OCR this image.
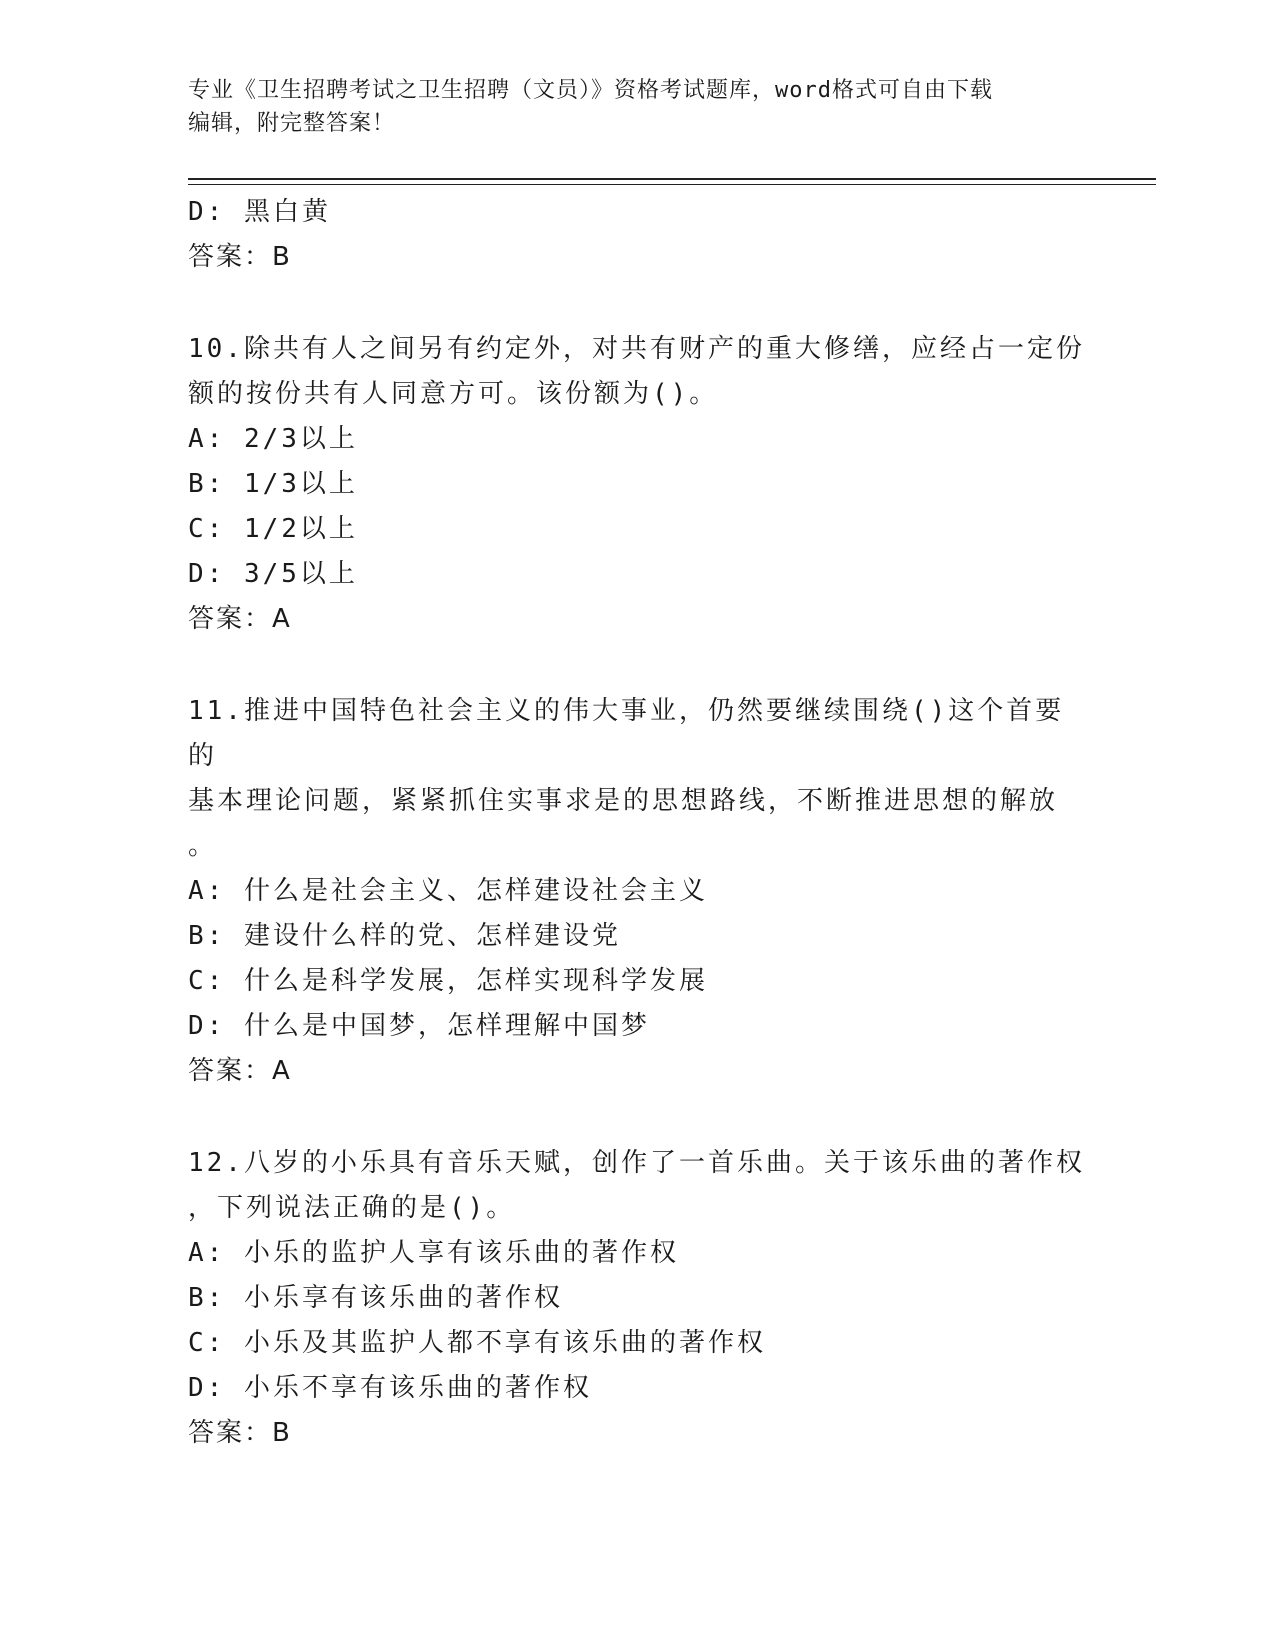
专业《卫生招聘考试之卫生招聘（文员）》资格考试题库，word格式可自由下载
编辑，附完整答案！
D: 黑白黄
答案：B
10.除共有人之间另有约定外，对共有财产的重大修缮，应经占一定份
额的按份共有人同意方可。该份额为()。
A: 2/3以上
B: 1/3以上
C: 1/2以上
D: 3/5以上
答案：A
11.推进中国特色社会主义的伟大事业，仍然要继续围绕()这个首要的
基本理论问题，紧紧抓住实事求是的思想路线，不断推进思想的解放
。
A: 什么是社会主义、怎样建设社会主义
B: 建设什么样的党、怎样建设党
C: 什么是科学发展，怎样实现科学发展
D: 什么是中国梦，怎样理解中国梦
答案：A
12.八岁的小乐具有音乐天赋，创作了一首乐曲。关于该乐曲的著作权
，下列说法正确的是()。
A: 小乐的监护人享有该乐曲的著作权
B: 小乐享有该乐曲的著作权
C: 小乐及其监护人都不享有该乐曲的著作权
D: 小乐不享有该乐曲的著作权
答案：B
